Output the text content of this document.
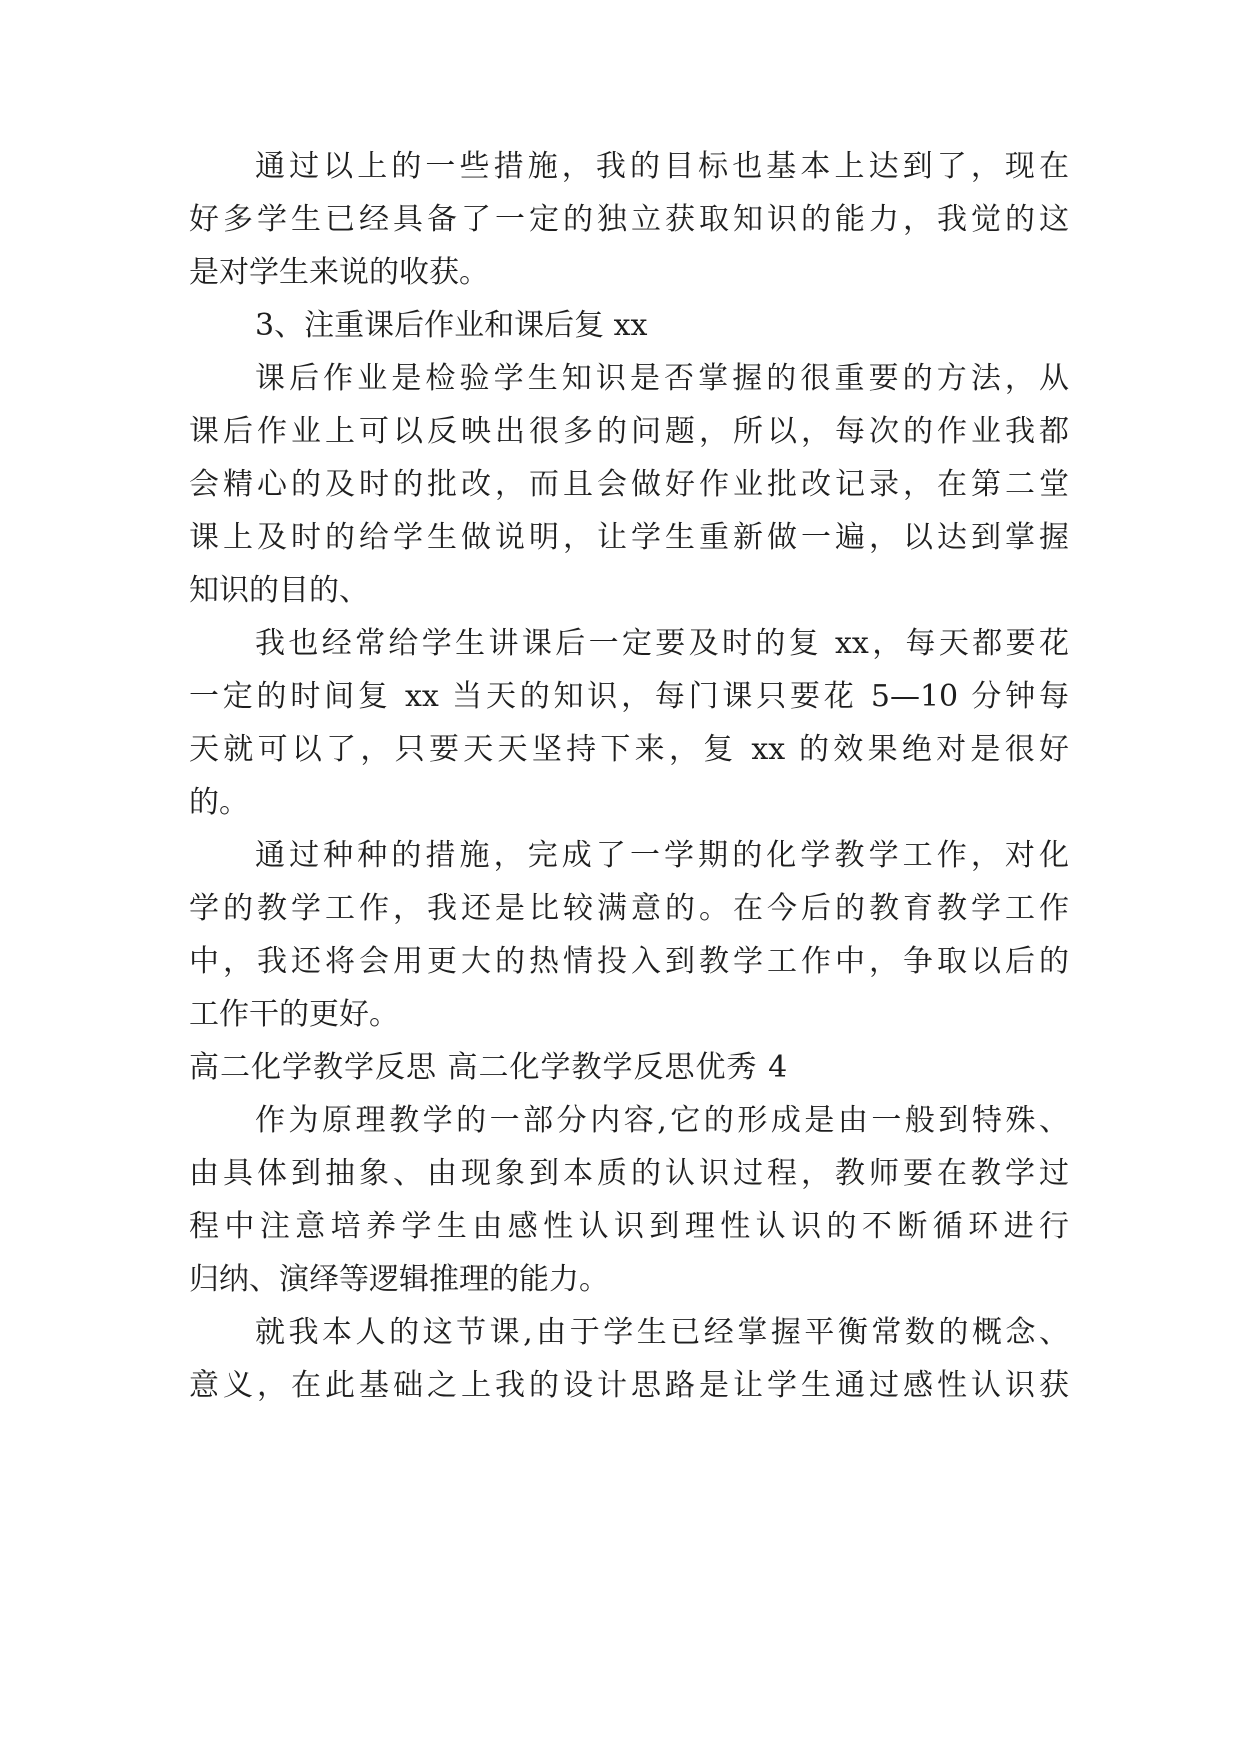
通过以上的一些措施，我的目标也基本上达到了，现在
好多学生已经具备了一定的独立获取知识的能力，我觉的这
是对学生来说的收获。
3、注重课后作业和课后复 xx
课后作业是检验学生知识是否掌握的很重要的方法，从
课后作业上可以反映出很多的问题，所以，每次的作业我都
会精心的及时的批改，而且会做好作业批改记录，在第二堂
课上及时的给学生做说明，让学生重新做一遍，以达到掌握
知识的目的、
我也经常给学生讲课后一定要及时的复 xx，每天都要花
一定的时间复 xx 当天的知识，每门课只要花 5—10 分钟每
天就可以了，只要天天坚持下来，复 xx 的效果绝对是很好
的。
通过种种的措施，完成了一学期的化学教学工作，对化
学的教学工作，我还是比较满意的。在今后的教育教学工作
中，我还将会用更大的热情投入到教学工作中，争取以后的
工作干的更好。
高二化学教学反思 高二化学教学反思优秀 4
作为原理教学的一部分内容,它的形成是由一般到特殊、
由具体到抽象、由现象到本质的认识过程，教师要在教学过
程中注意培养学生由感性认识到理性认识的不断循环进行
归纳、演绎等逻辑推理的能力。
就我本人的这节课,由于学生已经掌握平衡常数的概念、
意义，在此基础之上我的设计思路是让学生通过感性认识获
